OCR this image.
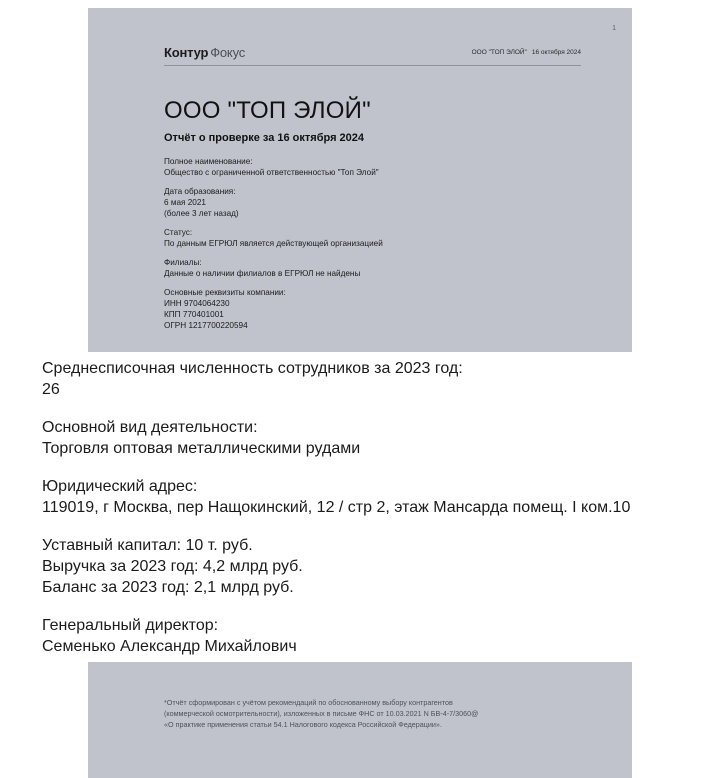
1
Контур Фокус	ООО "ТОП ЭЛОЙ" 16 октября 2024
ООО "ТОП ЭЛОЙ"
Отчёт о проверке за 16 октября 2024
Полное наименование:
Общество с ограниченной ответственностью "Топ Элой"
Дата образования:
6 мая 2021
(более 3 лет назад)
Статус:
По данным ЕГРЮЛ является действующей организацией
Филиалы:
Данные о наличии филиалов в ЕГРЮЛ не найдены
Основные реквизиты компании:
ИНН 9704064230
КПП 770401001
ОГРН 1217700220594
Среднесписочная численность сотрудников за 2023 год:
26
Основной вид деятельности:
Торговля оптовая металлическими рудами
Юридический адрес:
119019, г Москва, пер Нащокинский, 12 / стр 2, этаж Мансарда помещ. I ком.10
Уставный капитал: 10 т. руб.
Выручка за 2023 год: 4,2 млрд руб.
Баланс за 2023 год: 2,1 млрд руб.
Генеральный директор:
Семенько Александр Михайлович
*Отчёт сформирован с учётом рекомендаций по обоснованному выбору контрагентов
(коммерческой осмотрительности), изложенных в письме ФНС от 10.03.2021 N БВ-4-7/3060@
«О практике применения статьи 54.1 Налогового кодекса Российской Федерации».
